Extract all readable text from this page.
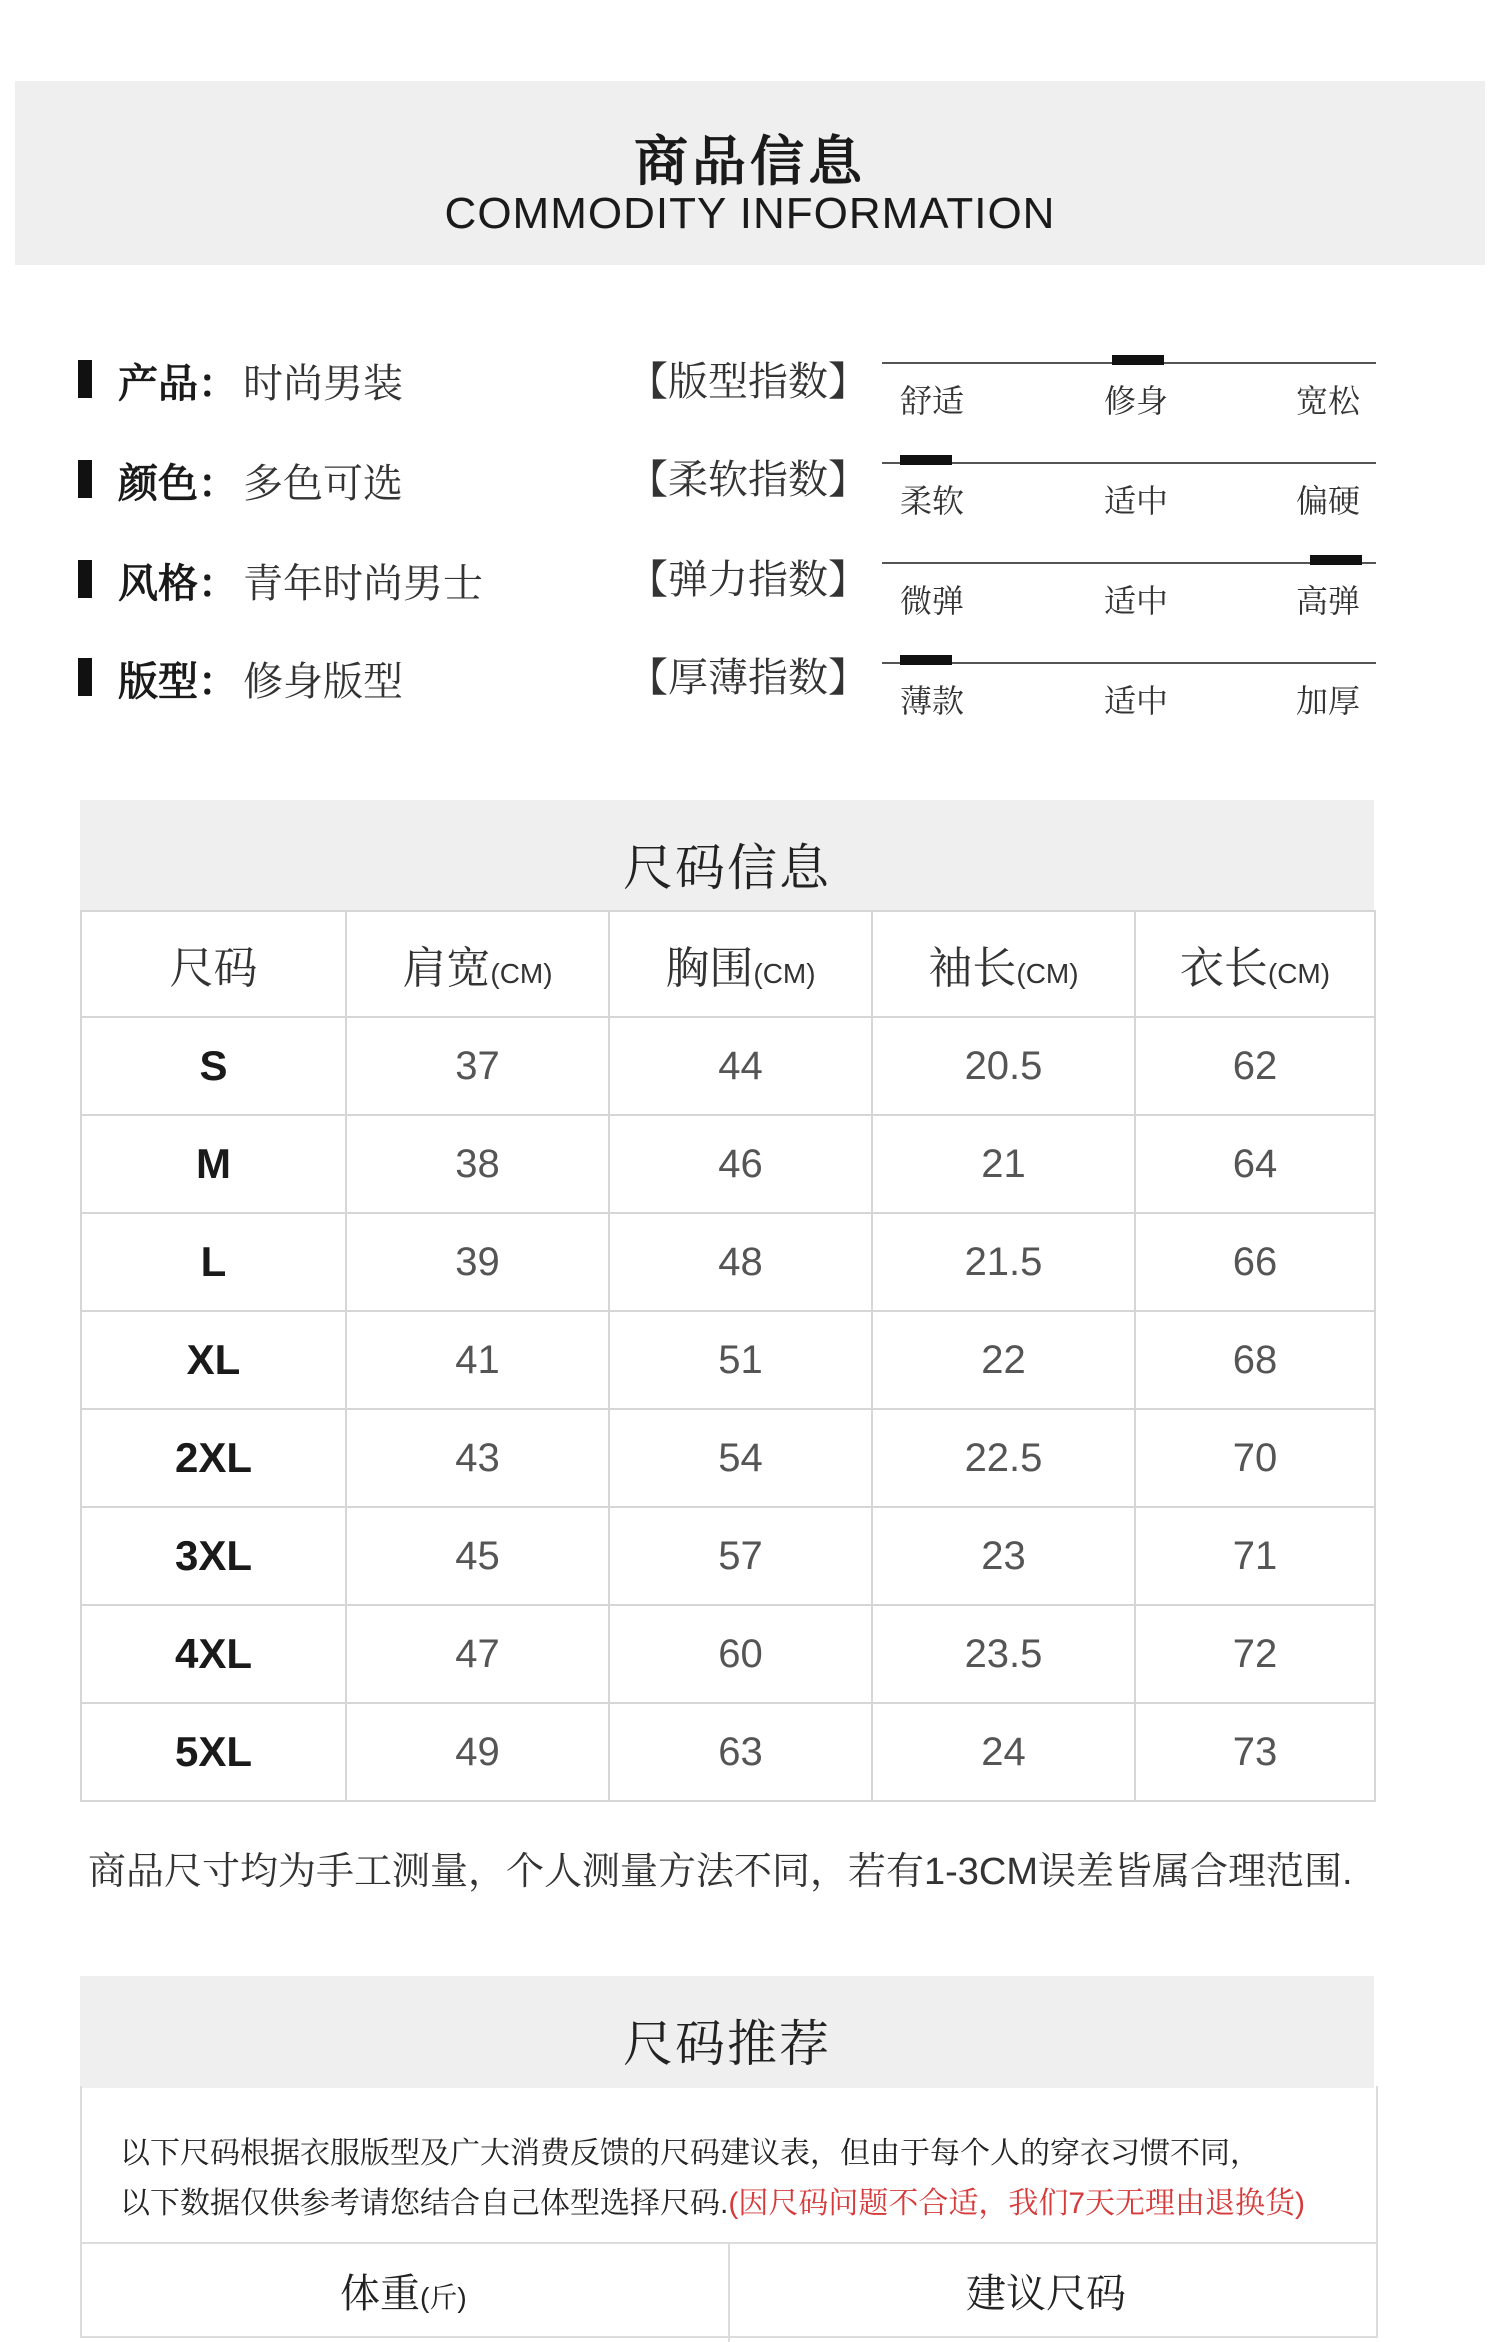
商品信息
COMMODITY INFORMATION
产品： 时尚男装
颜色： 多色可选
风格： 青年时尚男士
版型： 修身版型
【版型指数】 舒适	修身	宽松
【柔软指数】 柔软	适中	偏硬
【弹力指数】 微弹	适中	高弹
【厚薄指数】
薄款	适中	加厚
尺码信息
尺码	肩宽(CM)	胸围(CM)	袖长(CM)	衣长(CM)
S	37	44	20.5	62
M	38	46	21	64
L	39	48	21.5	66
XL	41	51	22	68
2XL	43	54	22.5	70
3XL	45	57	23	71
4XL	47	60	23.5	72
5XL	49	63	24	73
商品尺寸均为手工测量，个人测量方法不同，若有1-3CM误差皆属合理范围.
尺码推荐
以下尺码根据衣服版型及广大消费反馈的尺码建议表，但由于每个人的穿衣习惯不同，
以下数据仅供参考请您结合自己体型选择尺码.(因尺码问题不合适，我们7天无理由退换货)
体重(斤)	建议尺码
